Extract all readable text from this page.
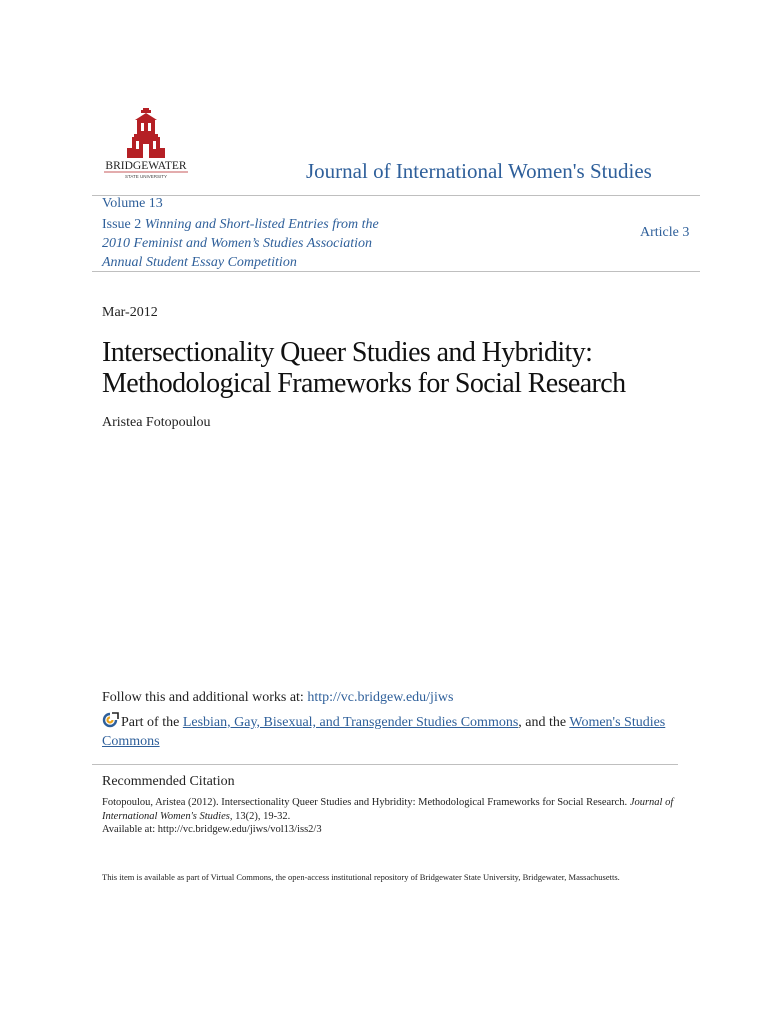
BRIDGEWATER
STATE UNIVERSITY	Journal of International Women's Studies
Volume 13
Issue 2 Winning and Short-listed Entries from the
2010 Feminist and Women’s Studies Association
Annual Student Essay Competition
Article 3
Mar-2012
Intersectionality Queer Studies and Hybridity:
Methodological Frameworks for Social Research
Aristea Fotopoulou
Follow this and additional works at: http://vc.bridgew.edu/jiws
Part of the Lesbian, Gay, Bisexual, and Transgender Studies Commons, and the Women's Studies Commons
Recommended Citation
Fotopoulou, Aristea (2012). Intersectionality Queer Studies and Hybridity: Methodological Frameworks for Social Research. Journal of International Women's Studies, 13(2), 19-32.
Available at: http://vc.bridgew.edu/jiws/vol13/iss2/3
This item is available as part of Virtual Commons, the open-access institutional repository of Bridgewater State University, Bridgewater, Massachusetts.
